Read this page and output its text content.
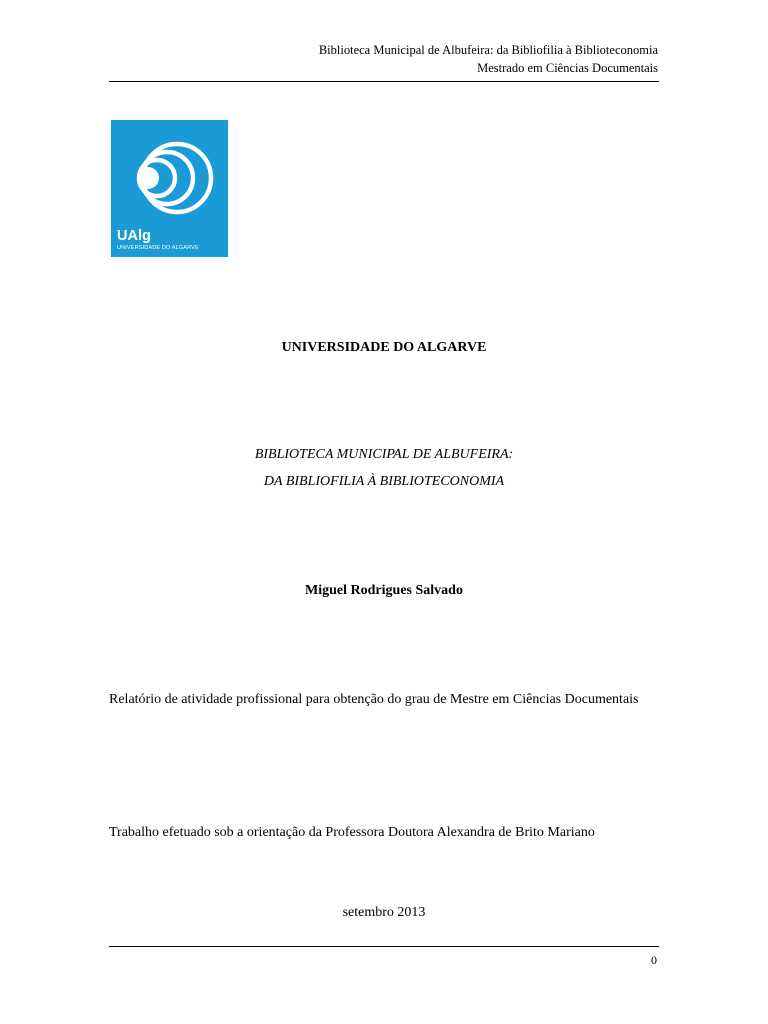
Biblioteca Municipal de Albufeira: da Bibliofilia à Biblioteconomia
Mestrado em Ciências Documentais
UAlg
UNIVERSIDADE DO ALGARVE
UNIVERSIDADE DO ALGARVE
BIBLIOTECA MUNICIPAL DE ALBUFEIRA:
DA BIBLIOFILIA À BIBLIOTECONOMIA
Miguel Rodrigues Salvado
Relatório de atividade profissional para obtenção do grau de Mestre em Ciências Documentais
Trabalho efetuado sob a orientação da Professora Doutora Alexandra de Brito Mariano
setembro 2013
0
